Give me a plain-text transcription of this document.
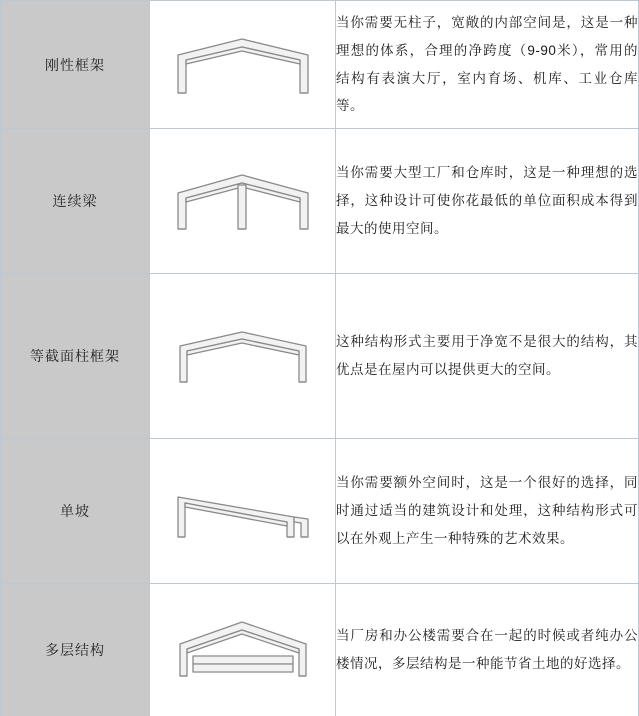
刚性框架		当你需要无柱子，宽敞的内部空间是，这是一种理想的体系，合理的净跨度（9-90米），常用的结构有表演大厅，室内育场、机库、工业仓库等。

连续梁		当你需要大型工厂和仓库时，这是一种理想的选择，这种设计可使你花最低的单位面积成本得到最大的使用空间。

等截面柱框架		这种结构形式主要用于净宽不是很大的结构，其优点是在屋内可以提供更大的空间。

单坡		当你需要额外空间时，这是一个很好的选择，同时通过适当的建筑设计和处理，这种结构形式可以在外观上产生一种特殊的艺术效果。

多层结构		当厂房和办公楼需要合在一起的时候或者纯办公楼情况，多层结构是一种能节省土地的好选择。
